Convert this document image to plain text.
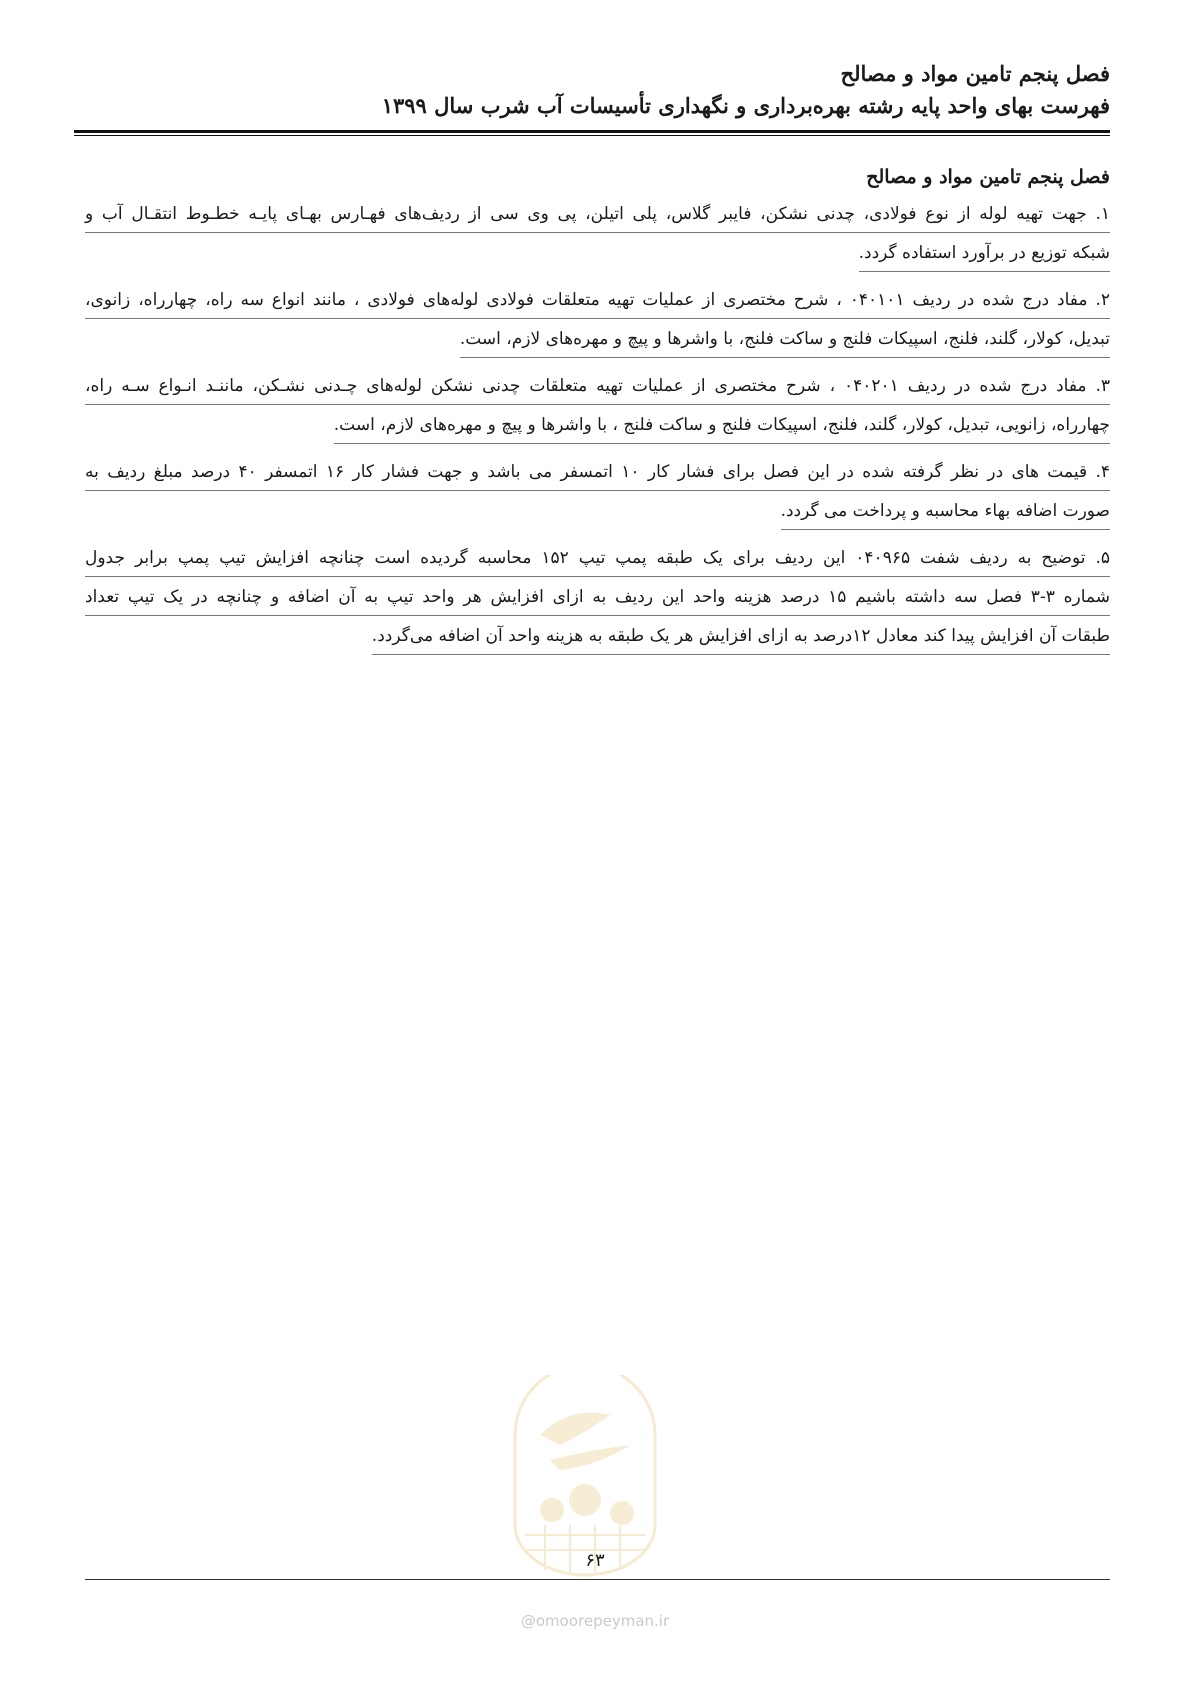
فصل پنجم تامین مواد و مصالح
فهرست بهای واحد پایه رشته بهره‌برداری و نگهداری تأسیسات آب شرب سال ۱۳۹۹
فصل پنجم تامین مواد و مصالح
۱. جهت تهیه لوله از نوع فولادی، چدنی نشکن، فایبر گلاس، پلی اتیلن، پی وی سی از ردیف‌های فهـارس بهـای پایـه خطـوط انتقـال آب و
شبکه توزیع در برآورد استفاده گردد.
۲. مفاد درج شده در ردیف ۰۴۰۱۰۱ ، شرح مختصری از عملیات تهیه متعلقات فولادی لوله‌های فولادی ، مانند انواع سه راه، چهارراه، زانوی،
تبدیل، کولار، گلند، فلنج، اسپیکات فلنج و ساکت فلنج، با واشرها و پیچ و مهره‌های لازم، است.
۳. مفاد درج شده در ردیف ۰۴۰۲۰۱ ، شرح مختصری از عملیات تهیه متعلقات چدنی نشکن لوله‌های چـدنی نشـکن، ماننـد انـواع سـه راه،
چهارراه، زانویی، تبدیل، کولار، گلند، فلنج، اسپیکات فلنج و ساکت فلنج ، با واشرها و پیچ و مهره‌های لازم، است.
۴. قیمت های در نظر گرفته شده در این فصل برای فشار کار ۱۰ اتمسفر می باشد و جهت فشار کار ۱۶ اتمسفر ۴۰ درصد مبلغ ردیف به
صورت اضافه بهاء محاسبه و پرداخت می گردد.
۵. توضیح به ردیف شفت ۰۴۰۹۶۵ این ردیف برای یک طبقه پمپ تیپ ۱۵۲ محاسبه گردیده است چنانچه افزایش تیپ پمپ برابر جدول
شماره ۳-۳ فصل سه داشته باشیم ۱۵ درصد هزینه واحد این ردیف به ازای افزایش هر واحد تیپ به آن اضافه و چنانچه در یک تیپ تعداد
طبقات آن افزایش پیدا کند معادل ۱۲درصد به ازای افزایش هر یک طبقه به هزینه واحد آن اضافه می‌گردد.
۶۳
@omoorepeyman.ir
